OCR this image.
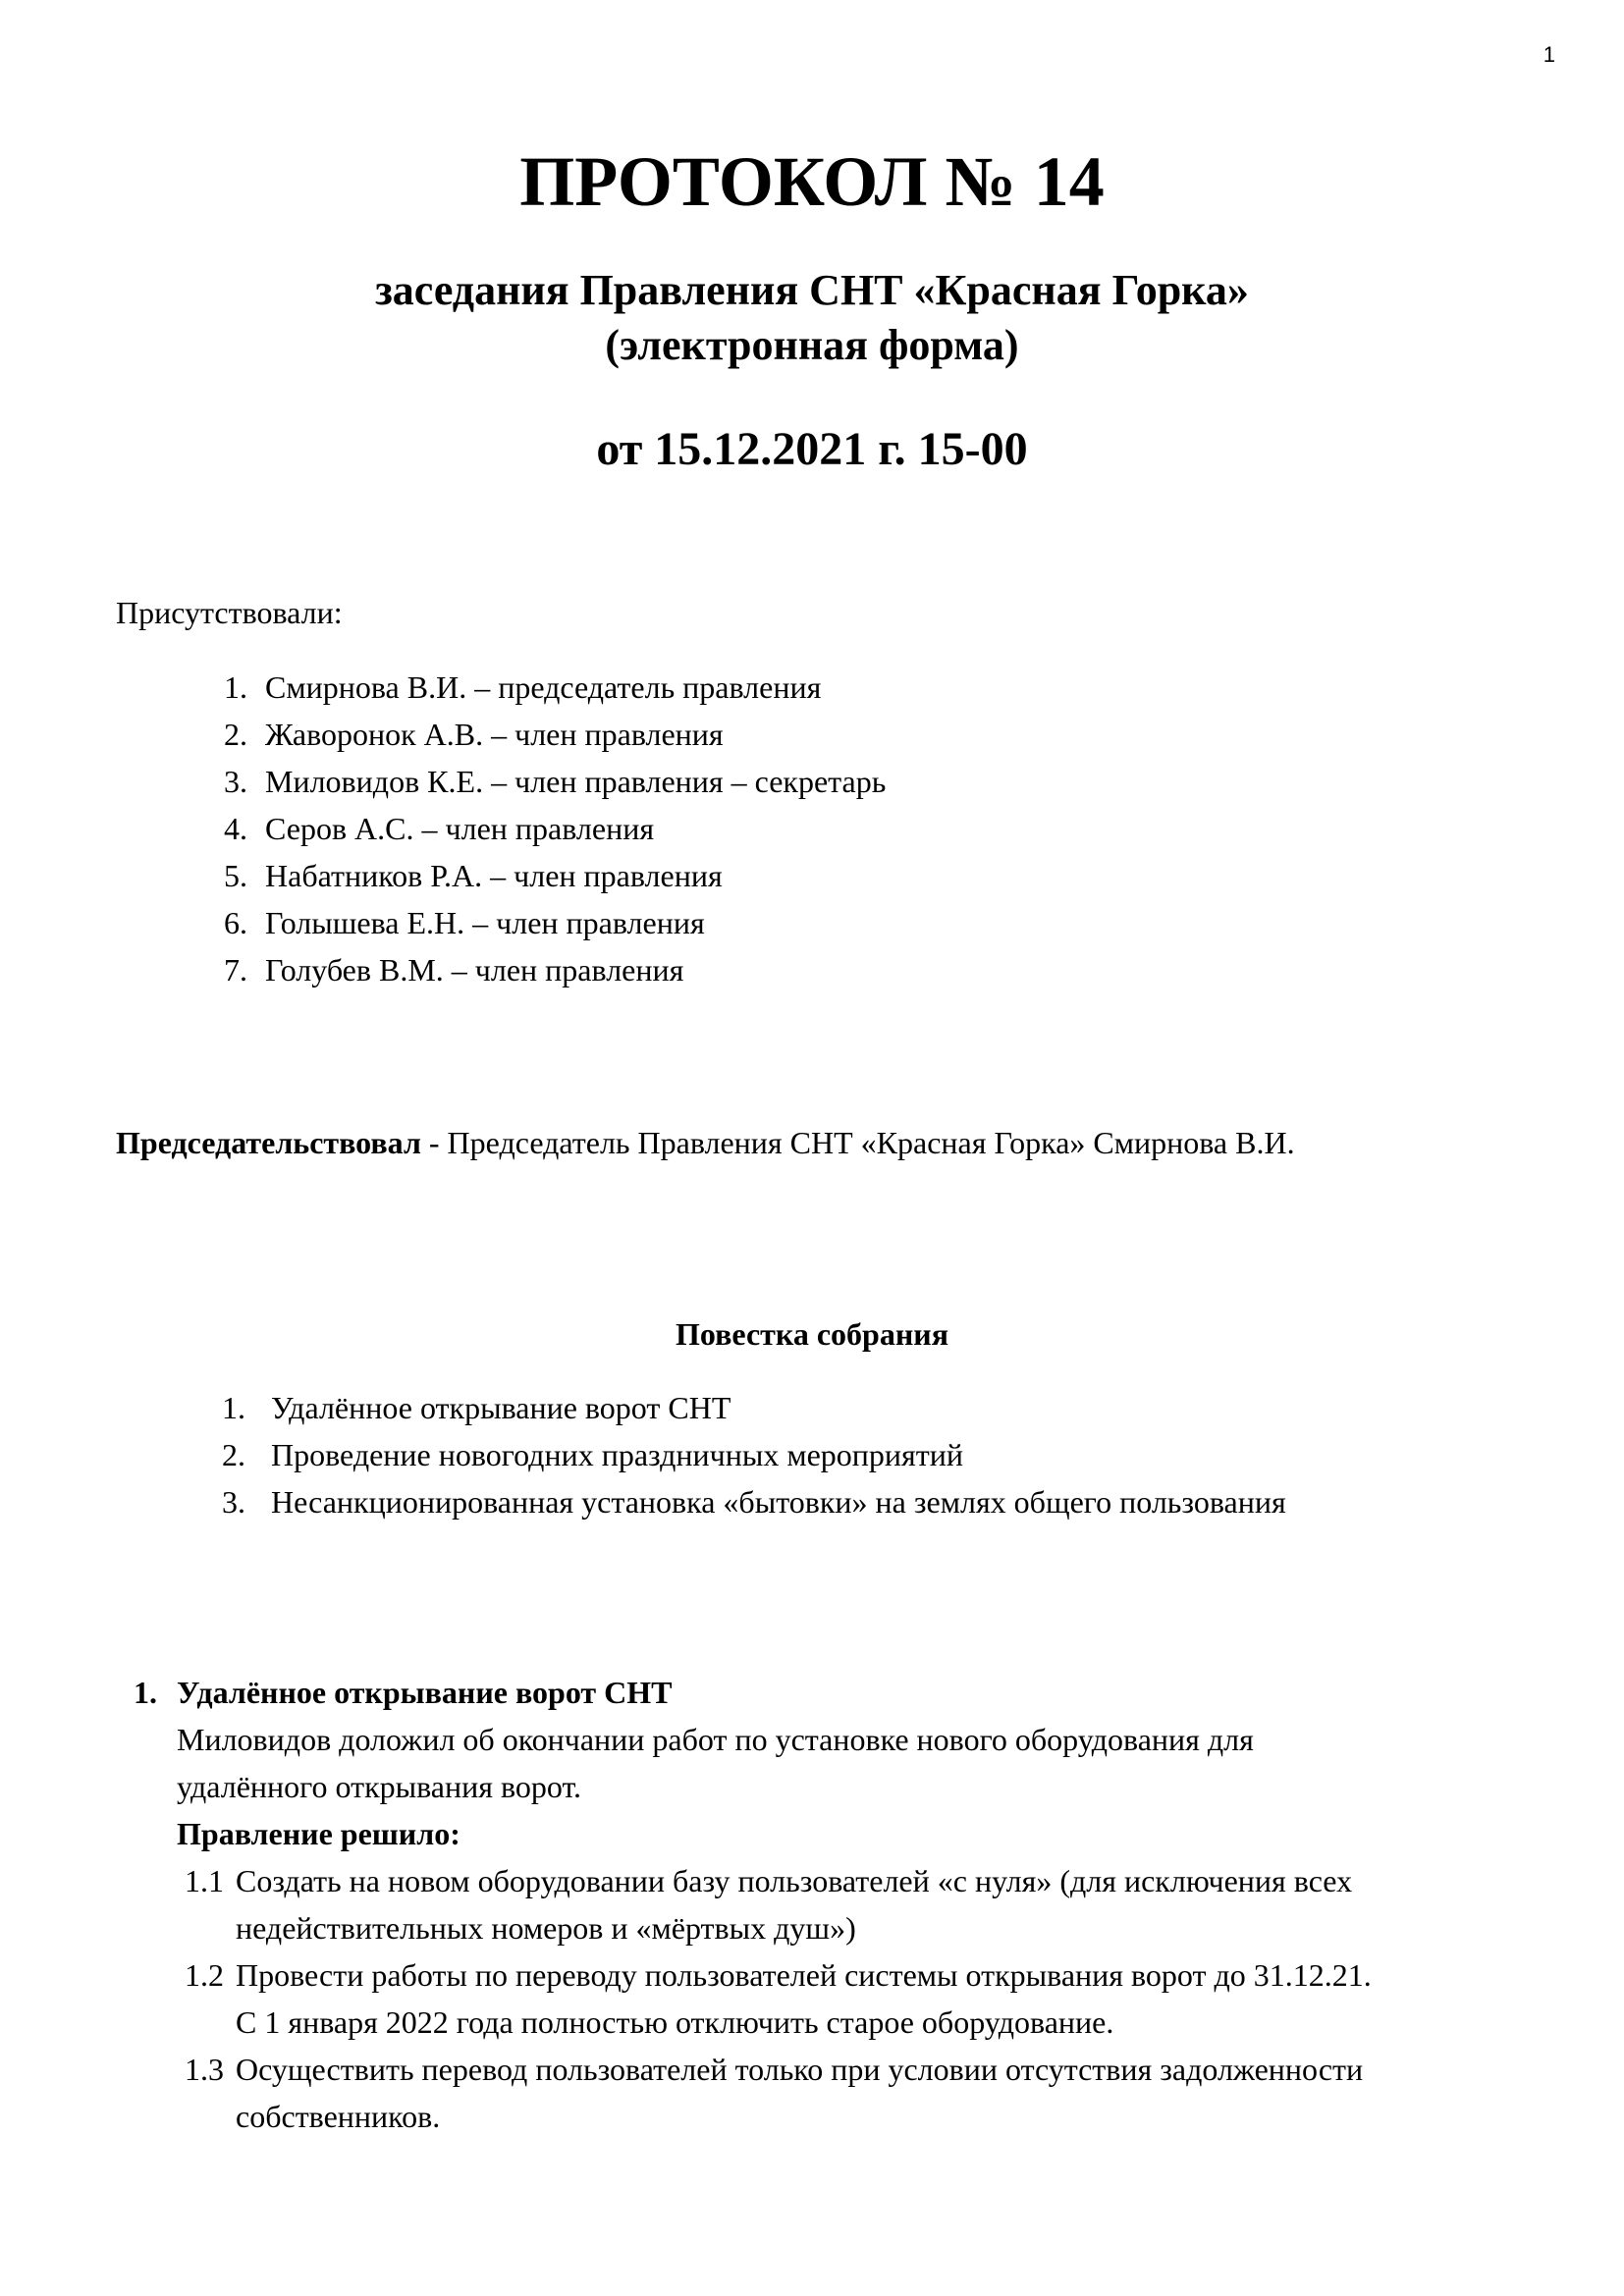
1
ПРОТОКОЛ № 14
заседания Правления СНТ «Красная Горка»
(электронная форма)
от 15.12.2021 г. 15-00
Присутствовали:
1. Смирнова В.И. – председатель правления
2. Жаворонок А.В. – член правления
3. Миловидов К.Е. – член правления – секретарь
4. Серов А.С. – член правления
5. Набатников Р.А. – член правления
6. Голышева Е.Н. – член правления
7. Голубев В.М. – член правления
Председательствовал - Председатель Правления СНТ «Красная Горка» Смирнова В.И.
Повестка собрания
1. Удалённое открывание ворот СНТ
2. Проведение новогодних праздничных мероприятий
3. Несанкционированная установка «бытовки» на землях общего пользования
1. Удалённое открывание ворот СНТ
Миловидов доложил об окончании работ по установке нового оборудования для
удалённого открывания ворот.
Правление решило:
1.1 Создать на новом оборудовании базу пользователей «с нуля» (для исключения всех
недействительных номеров и «мёртвых душ»)
1.2 Провести работы по переводу пользователей системы открывания ворот до 31.12.21.
С 1 января 2022 года полностью отключить старое оборудование.
1.3 Осуществить перевод пользователей только при условии отсутствия задолженности
собственников.
